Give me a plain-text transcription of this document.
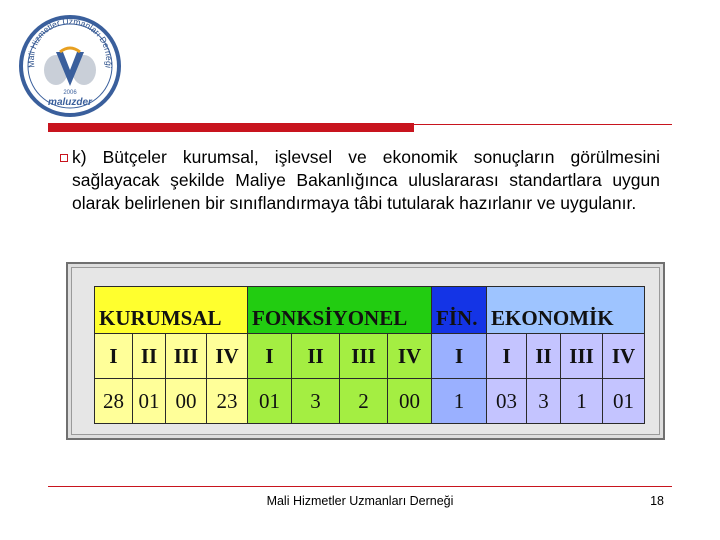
Mali Hizmetler Uzmanları Derneği
2006
maluzder
k) Bütçeler kurumsal, işlevsel ve ekonomik sonuçların görülmesini sağlayacak şekilde Maliye Bakanlığınca uluslararası standartlara uygun olarak belirlenen bir sınıflandırmaya tâbi tutularak hazırlanır ve uygulanır.
KURUMSAL				FONKSİYONEL				FİN.	EKONOMİK			
I	II	III	IV	I	II	III	IV	I	I	II	III	IV
28	01	00	23	01	3	2	00	1	03	3	1	01
Mali Hizmetler Uzmanları Derneği	18
